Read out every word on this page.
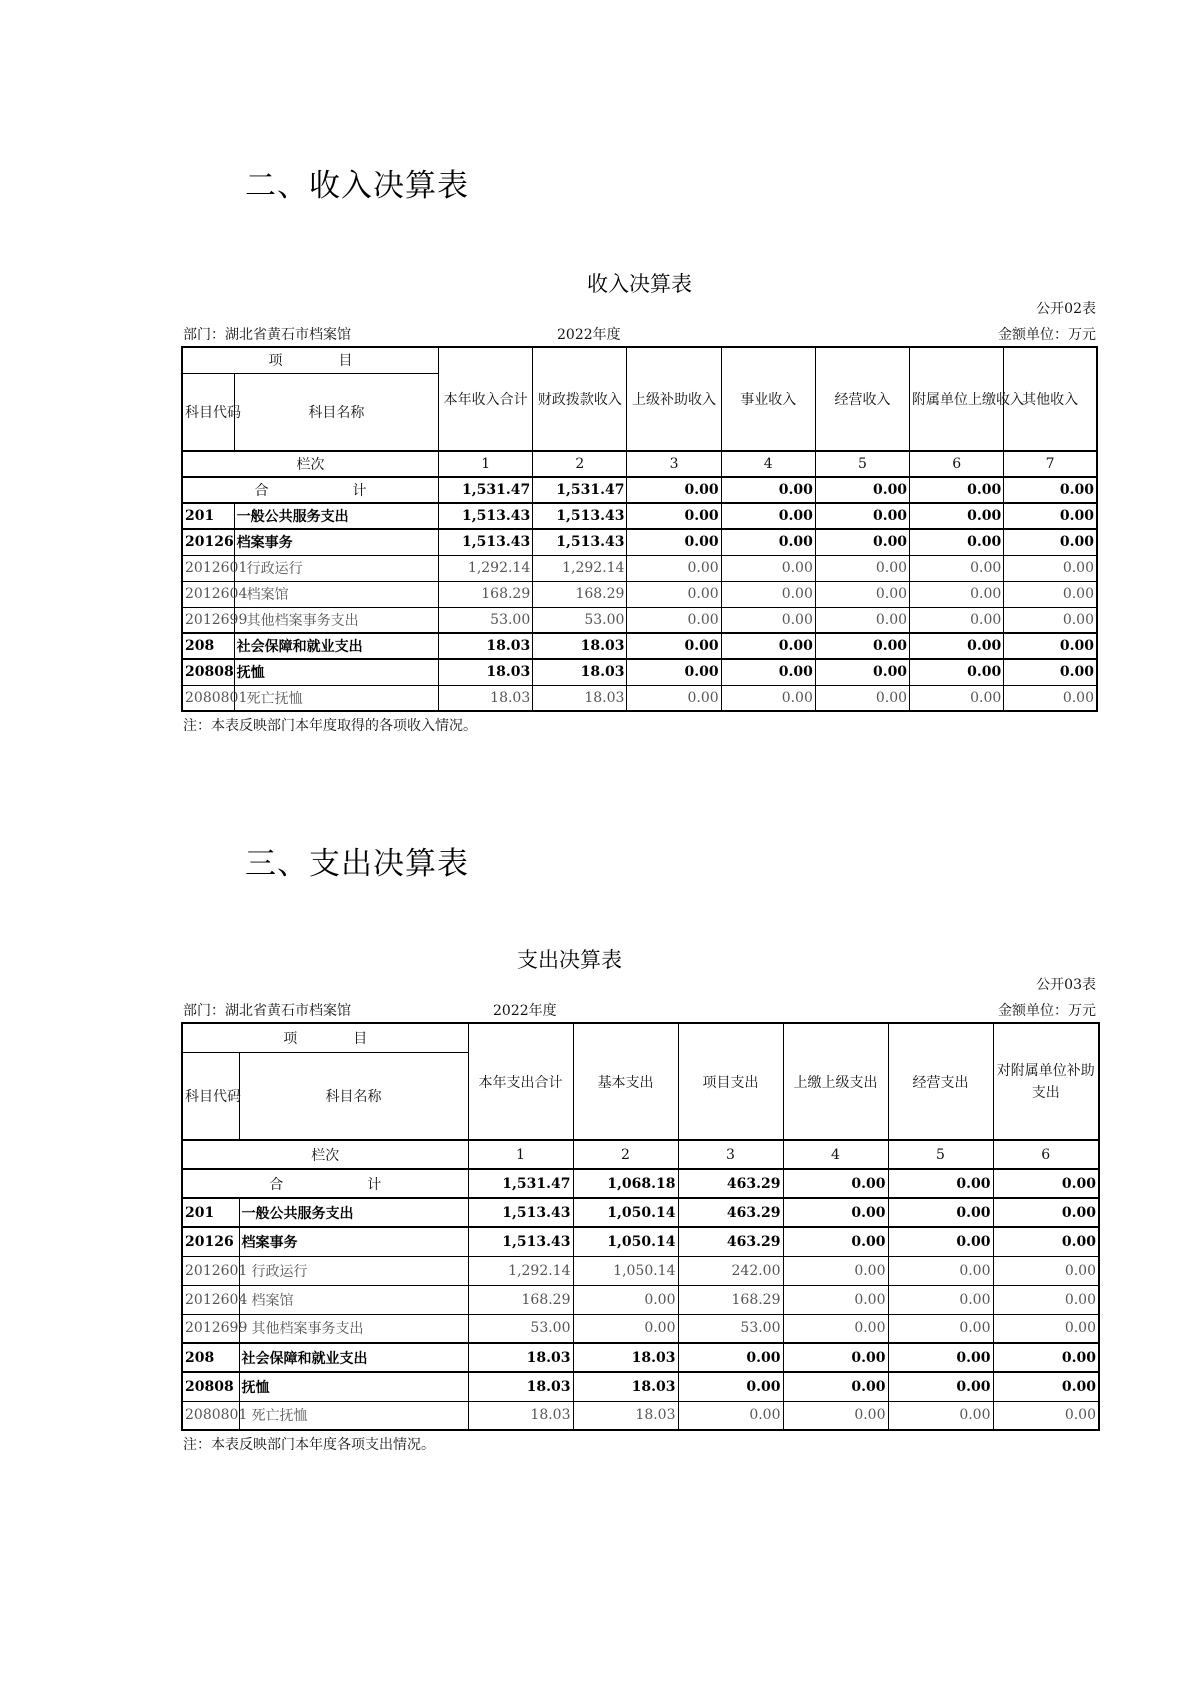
二、收入决算表
收入决算表
公开02表
部门：湖北省黄石市档案馆	2022年度	金额单位：万元
项　　　　目		本年收入合计	财政拨款收入	上级补助收入	事业收入	经营收入	附属单位上缴收入	其他收入
科目代码	科目名称							
栏次		1	2	3	4	5	6	7
合　　　　　　计		1,531.47	1,531.47	0.00	0.00	0.00	0.00	0.00
201	一般公共服务支出	1,513.43	1,513.43	0.00	0.00	0.00	0.00	0.00
20126	档案事务	1,513.43	1,513.43	0.00	0.00	0.00	0.00	0.00
2012601	行政运行	1,292.14	1,292.14	0.00	0.00	0.00	0.00	0.00
2012604	档案馆	168.29	168.29	0.00	0.00	0.00	0.00	0.00
2012699	其他档案事务支出	53.00	53.00	0.00	0.00	0.00	0.00	0.00
208	社会保障和就业支出	18.03	18.03	0.00	0.00	0.00	0.00	0.00
20808	抚恤	18.03	18.03	0.00	0.00	0.00	0.00	0.00
2080801	死亡抚恤	18.03	18.03	0.00	0.00	0.00	0.00	0.00
注：本表反映部门本年度取得的各项收入情况。
三、支出决算表
支出决算表
公开03表
部门：湖北省黄石市档案馆	2022年度	金额单位：万元
项　　　　目		本年支出合计	基本支出	项目支出	上缴上级支出	经营支出	对附属单位补助支出
科目代码	科目名称						
栏次		1	2	3	4	5	6
合　　　　　　计		1,531.47	1,068.18	463.29	0.00	0.00	0.00
201	一般公共服务支出	1,513.43	1,050.14	463.29	0.00	0.00	0.00
20126	档案事务	1,513.43	1,050.14	463.29	0.00	0.00	0.00
2012601	行政运行	1,292.14	1,050.14	242.00	0.00	0.00	0.00
2012604	档案馆	168.29	0.00	168.29	0.00	0.00	0.00
2012699	其他档案事务支出	53.00	0.00	53.00	0.00	0.00	0.00
208	社会保障和就业支出	18.03	18.03	0.00	0.00	0.00	0.00
20808	抚恤	18.03	18.03	0.00	0.00	0.00	0.00
2080801	死亡抚恤	18.03	18.03	0.00	0.00	0.00	0.00
注：本表反映部门本年度各项支出情况。
